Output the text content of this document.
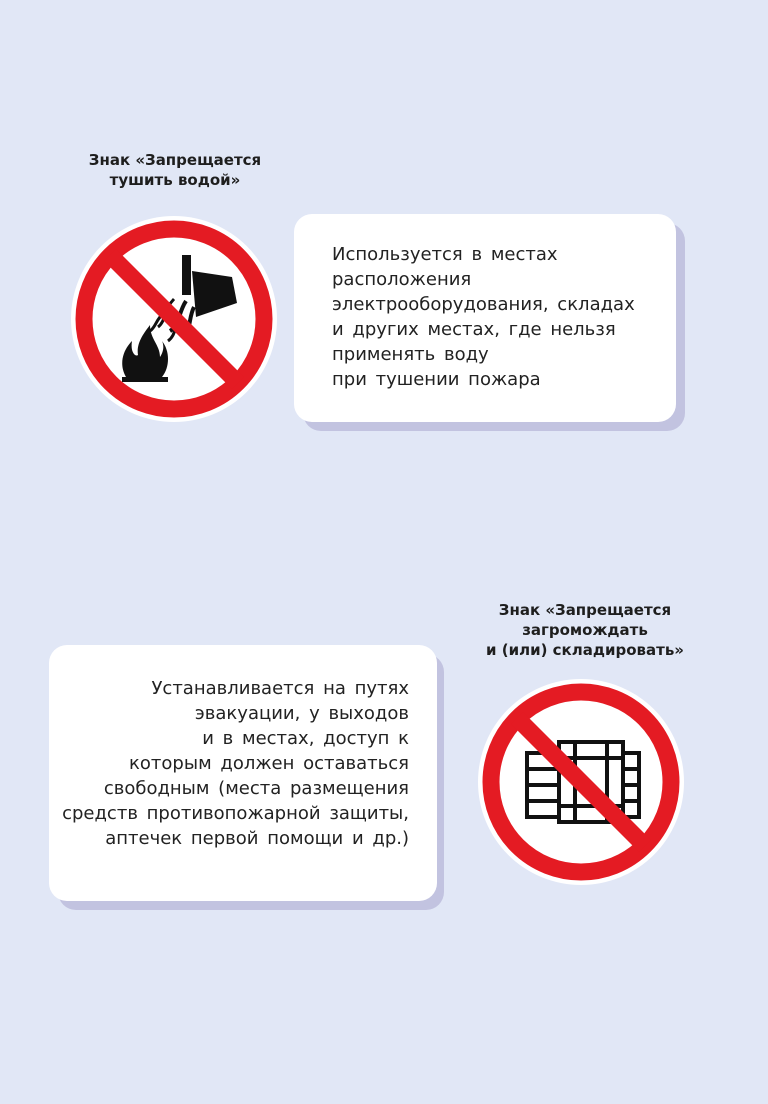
Знак «Запрещается
тушить водой»
Используется в местах
расположения
электрооборудования, складах
и других местах, где нельзя
применять воду
при тушении пожара
Знак «Запрещается
загромождать
и (или) складировать»
Устанавливается на путях
эвакуации, у выходов
и в местах, доступ к
которым должен оставаться
свободным (места размещения
средств противопожарной защиты,
аптечек первой помощи и др.)
